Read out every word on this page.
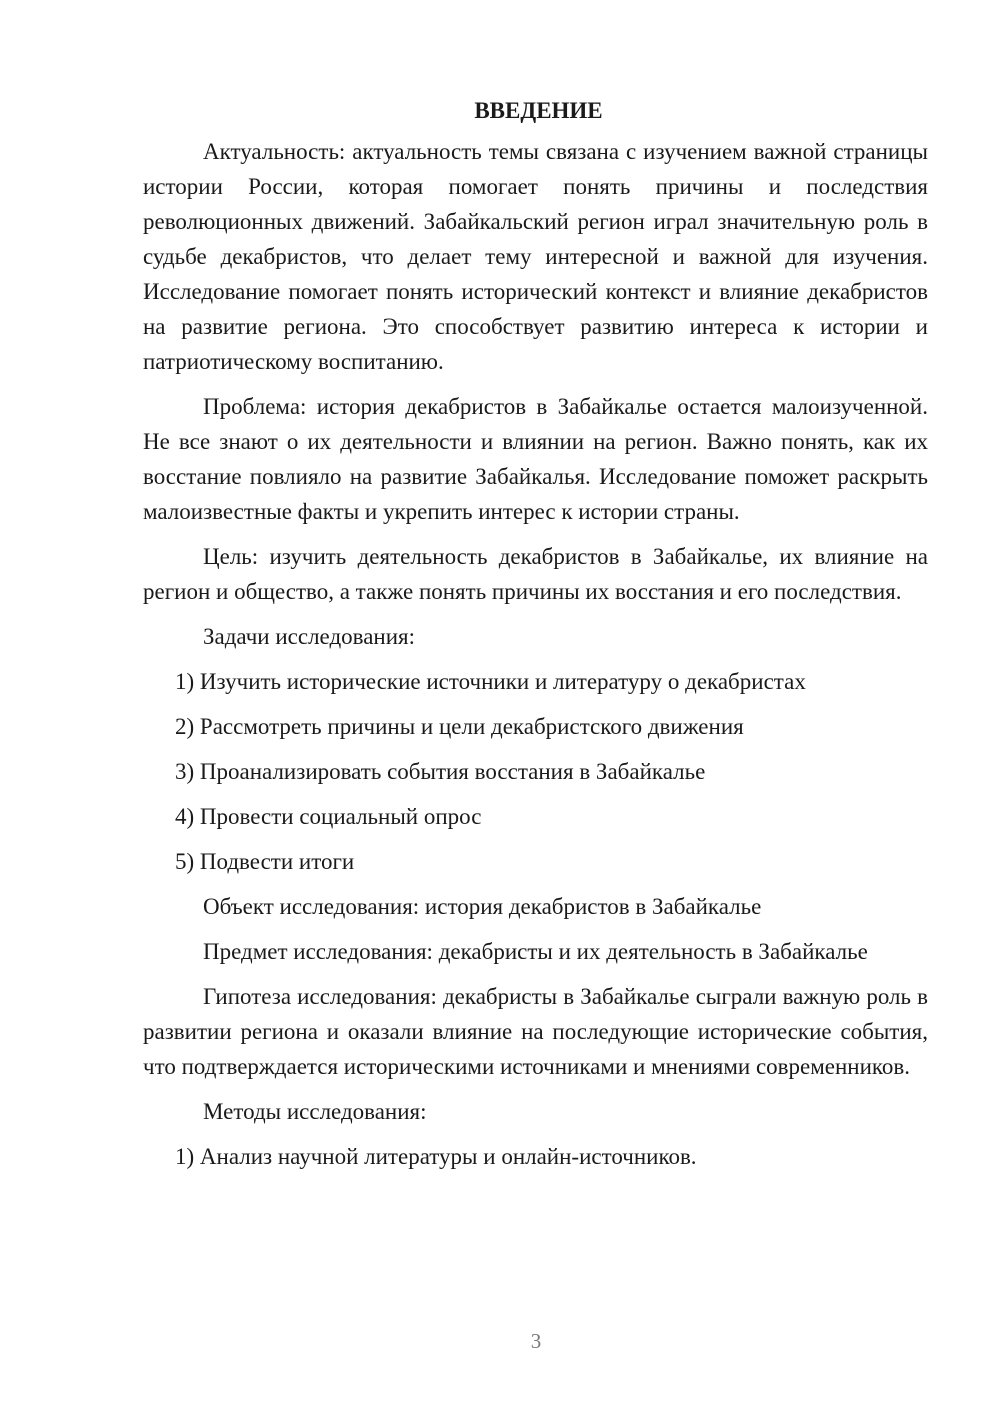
ВВЕДЕНИЕ

Актуальность: актуальность темы связана с изучением важной страницы истории России, которая помогает понять причины и последствия революционных движений. Забайкальский регион играл значительную роль в судьбе декабристов, что делает тему интересной и важной для изучения. Исследование помогает понять исторический контекст и влияние декабристов на развитие региона. Это способствует развитию интереса к истории и патриотическому воспитанию.

Проблема: история декабристов в Забайкалье остается малоизученной. Не все знают о их деятельности и влиянии на регион. Важно понять, как их восстание повлияло на развитие Забайкалья. Исследование поможет раскрыть малоизвестные факты и укрепить интерес к истории страны.

Цель: изучить деятельность декабристов в Забайкалье, их влияние на регион и общество, а также понять причины их восстания и его последствия.

Задачи исследования:

1) Изучить исторические источники и литературу о декабристах
2) Рассмотреть причины и цели декабристского движения
3) Проанализировать события восстания в Забайкалье
4) Провести социальный опрос
5) Подвести итоги

Объект исследования: история декабристов в Забайкалье

Предмет исследования: декабристы и их деятельность в Забайкалье

Гипотеза исследования: декабристы в Забайкалье сыграли важную роль в развитии региона и оказали влияние на последующие исторические события, что подтверждается историческими источниками и мнениями современников.

Методы исследования:

1) Анализ научной литературы и онлайн-источников.
3
